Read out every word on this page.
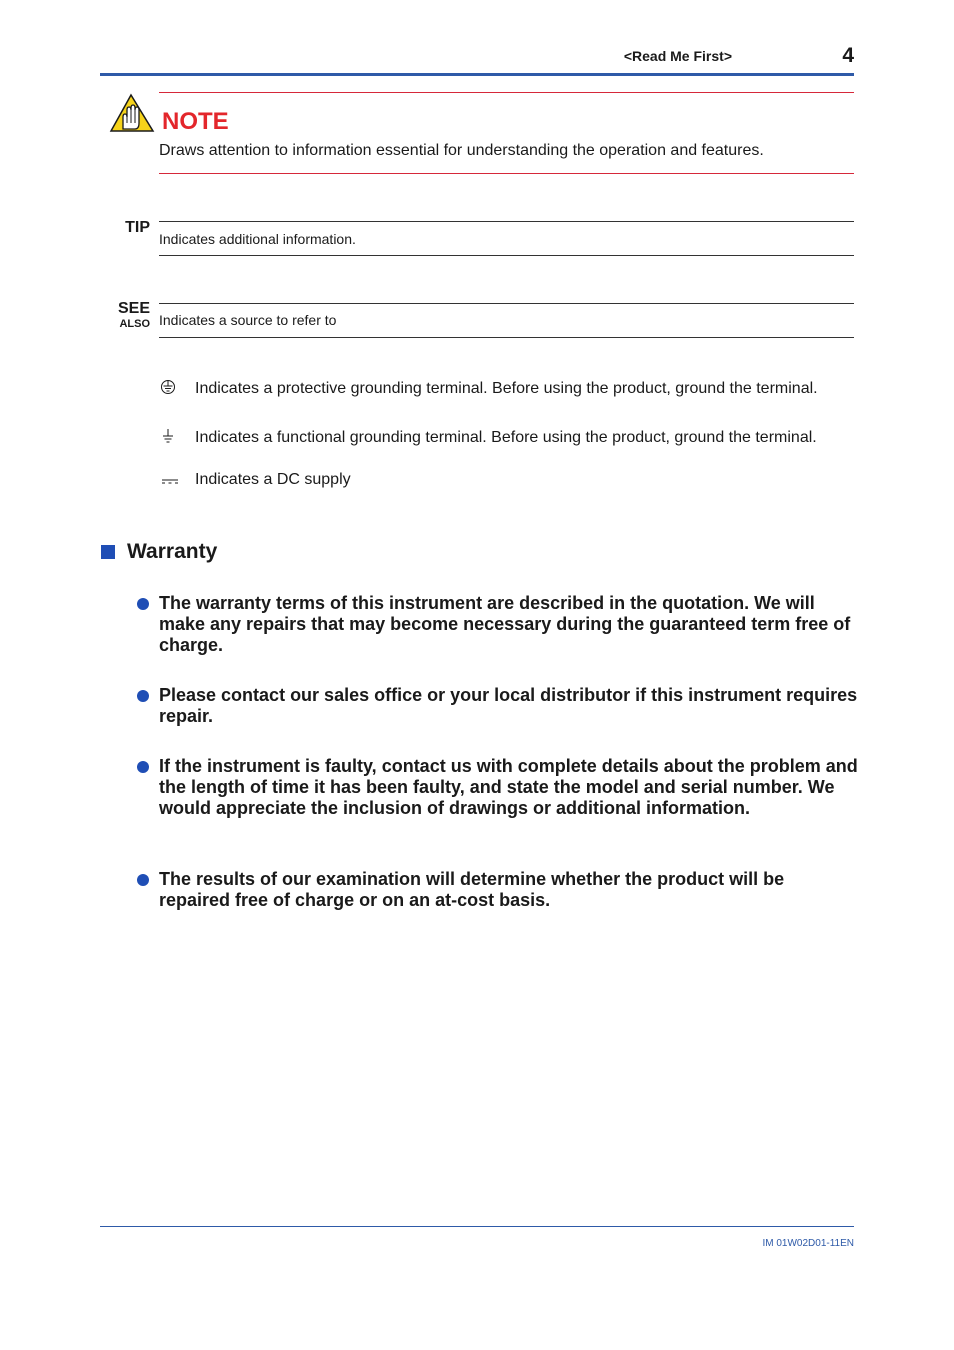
<Read Me First>	4
NOTE
Draws attention to information essential for understanding the operation and features.
TIP
Indicates additional information.
SEE
ALSO Indicates a source to refer to
Indicates a protective grounding terminal. Before using the product, ground the terminal.
Indicates a functional grounding terminal. Before using the product, ground the terminal.
Indicates a DC supply
Warranty
The warranty terms of this instrument are described in the quotation. We will make any repairs that may become necessary during the guaranteed term free of charge.
Please contact our sales office or your local distributor if this instrument requires repair.
If the instrument is faulty, contact us with complete details about the problem and the length of time it has been faulty, and state the model and serial number. We would appreciate the inclusion of drawings or additional information.
The results of our examination will determine whether the product will be repaired free of charge or on an at-cost basis.
IM 01W02D01-11EN
